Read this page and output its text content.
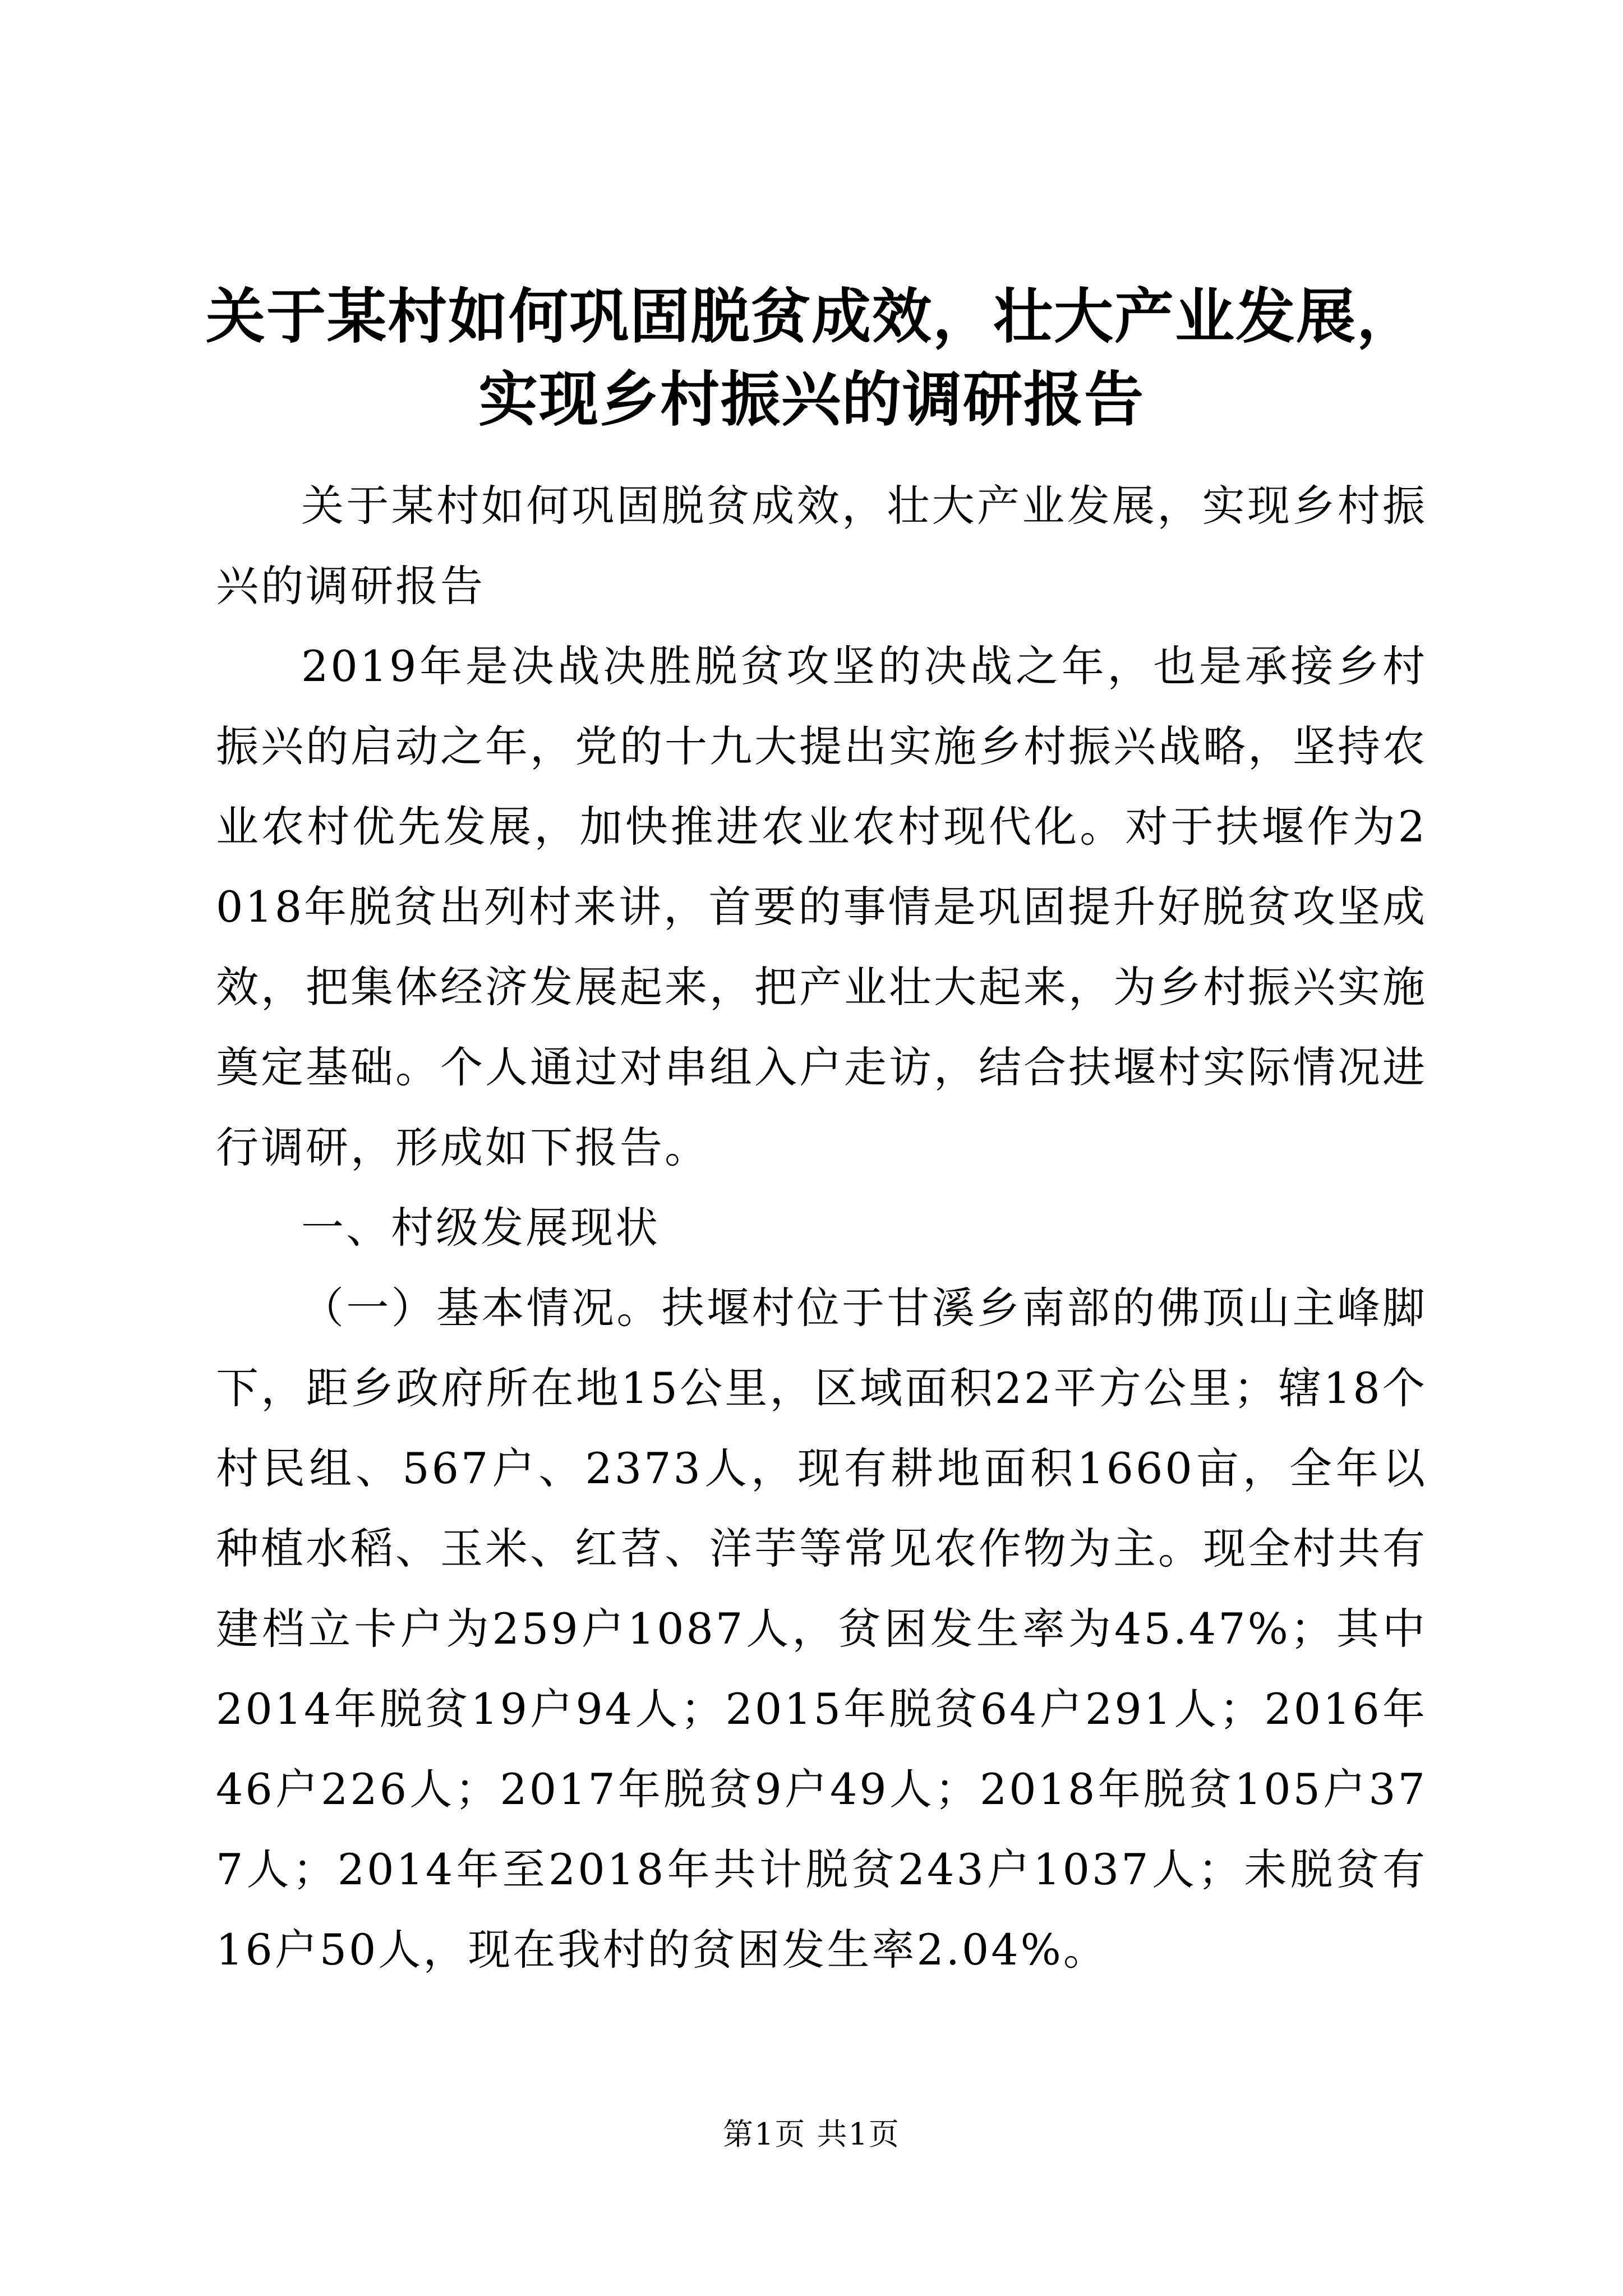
关于某村如何巩固脱贫成效，壮大产业发展，
实现乡村振兴的调研报告

关于某村如何巩固脱贫成效，壮大产业发展，实现乡村振兴的调研报告

2019年是决战决胜脱贫攻坚的决战之年，也是承接乡村振兴的启动之年，党的十九大提出实施乡村振兴战略，坚持农业农村优先发展，加快推进农业农村现代化。对于扶堰作为2018年脱贫出列村来讲，首要的事情是巩固提升好脱贫攻坚成效，把集体经济发展起来，把产业壮大起来，为乡村振兴实施奠定基础。个人通过对串组入户走访，结合扶堰村实际情况进行调研，形成如下报告。

一、村级发展现状

（一）基本情况。扶堰村位于甘溪乡南部的佛顶山主峰脚下，距乡政府所在地15公里，区域面积22平方公里；辖18个村民组、567户、2373人，现有耕地面积1660亩，全年以种植水稻、玉米、红苕、洋芋等常见农作物为主。现全村共有建档立卡户为259户1087人，贫困发生率为45.47%；其中2014年脱贫19户94人；2015年脱贫64户291人；2016年46户226人；2017年脱贫9户49人；2018年脱贫105户377人；2014年至2018年共计脱贫243户1037人；未脱贫有16户50人，现在我村的贫困发生率2.04%。

第1页 共1页
